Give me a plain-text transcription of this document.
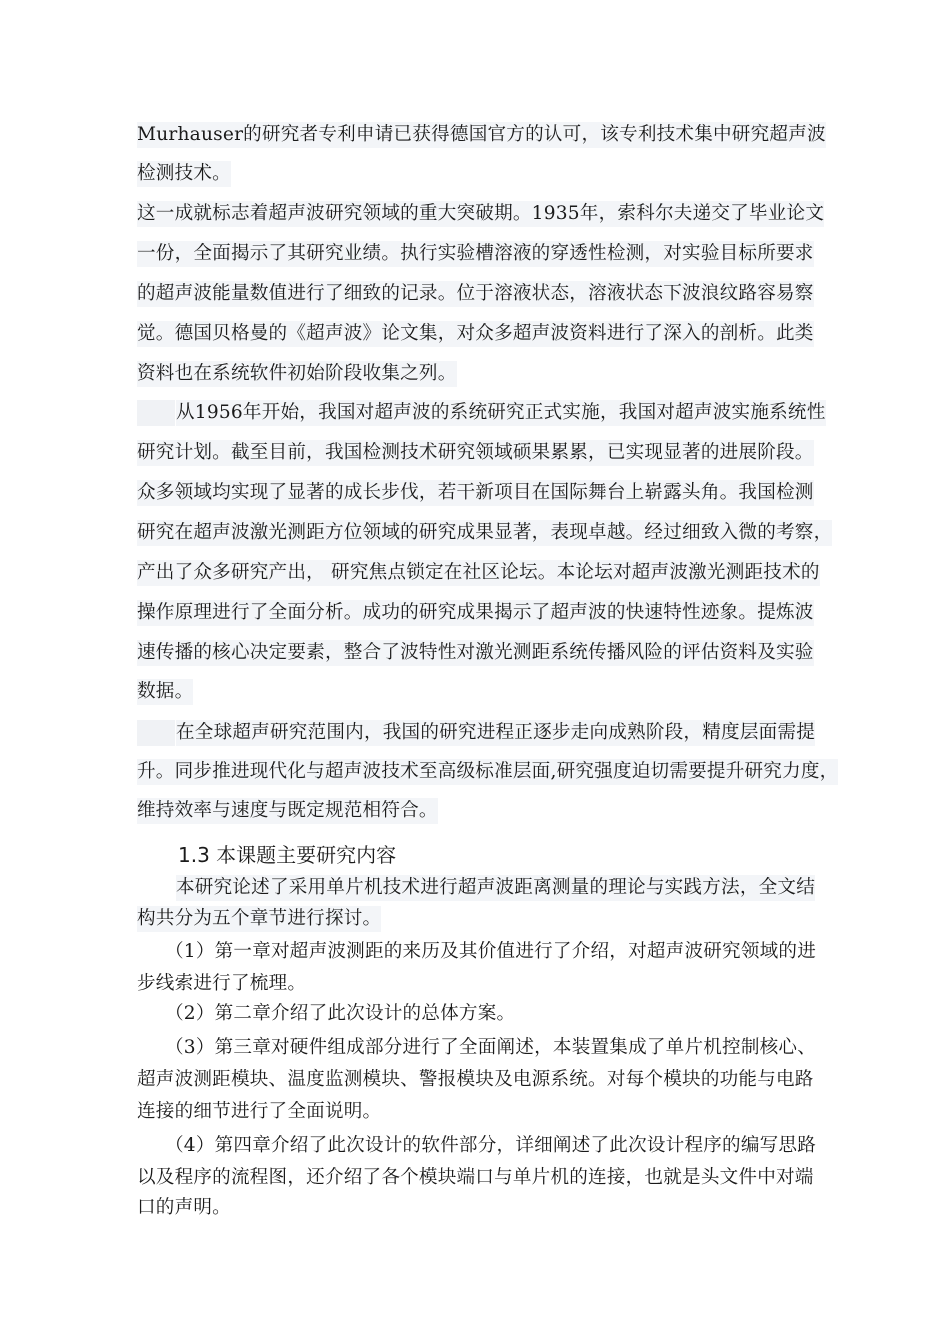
Murhauser的研究者专利申请已获得德国官方的认可，该专利技术集中研究超声波
检测技术。
这一成就标志着超声波研究领域的重大突破期。1935年，索科尔夫递交了毕业论文
一份，全面揭示了其研究业绩。执行实验槽溶液的穿透性检测，对实验目标所要求
的超声波能量数值进行了细致的记录。位于溶液状态，溶液状态下波浪纹路容易察
觉。德国贝格曼的《超声波》论文集，对众多超声波资料进行了深入的剖析。此类
资料也在系统软件初始阶段收集之列。
从1956年开始，我国对超声波的系统研究正式实施，我国对超声波实施系统性
研究计划。截至目前，我国检测技术研究领域硕果累累，已实现显著的进展阶段。
众多领域均实现了显著的成长步伐，若干新项目在国际舞台上崭露头角。我国检测
研究在超声波激光测距方位领域的研究成果显著，表现卓越。经过细致入微的考察，
产出了众多研究产出， 研究焦点锁定在社区论坛。本论坛对超声波激光测距技术的
操作原理进行了全面分析。成功的研究成果揭示了超声波的快速特性迹象。提炼波
速传播的核心决定要素，整合了波特性对激光测距系统传播风险的评估资料及实验
数据。
在全球超声研究范围内，我国的研究进程正逐步走向成熟阶段，精度层面需提
升。同步推进现代化与超声波技术至高级标准层面,研究强度迫切需要提升研究力度，
维持效率与速度与既定规范相符合。
1.3 本课题主要研究内容
本研究论述了采用单片机技术进行超声波距离测量的理论与实践方法，全文结
构共分为五个章节进行探讨。
（1）第一章对超声波测距的来历及其价值进行了介绍，对超声波研究领域的进
步线索进行了梳理。
（2）第二章介绍了此次设计的总体方案。
（3）第三章对硬件组成部分进行了全面阐述，本装置集成了单片机控制核心、
超声波测距模块、温度监测模块、警报模块及电源系统。对每个模块的功能与电路
连接的细节进行了全面说明。
（4）第四章介绍了此次设计的软件部分，详细阐述了此次设计程序的编写思路
以及程序的流程图，还介绍了各个模块端口与单片机的连接，也就是头文件中对端
口的声明。
